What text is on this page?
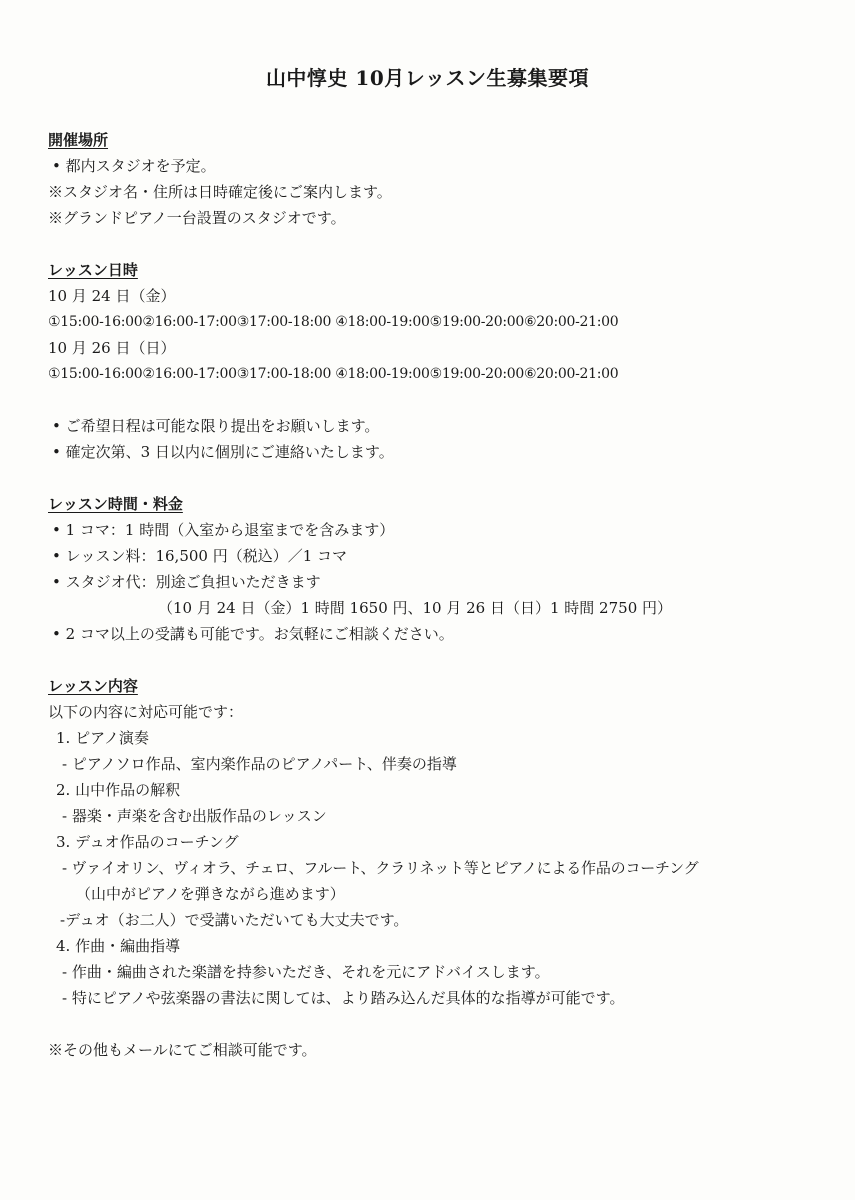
山中惇史 10月レッスン生募集要項
開催場所
• 都内スタジオを予定。
※スタジオ名・住所は日時確定後にご案内します。
※グランドピアノ一台設置のスタジオです。
レッスン日時
10 月 24 日（金）
①15:00-16:00②16:00-17:00③17:00-18:00 ④18:00-19:00⑤19:00-20:00⑥20:00-21:00
10 月 26 日（日）
①15:00-16:00②16:00-17:00③17:00-18:00 ④18:00-19:00⑤19:00-20:00⑥20:00-21:00
• ご希望日程は可能な限り提出をお願いします。
• 確定次第、3 日以内に個別にご連絡いたします。
レッスン時間・料金
• 1 コマ：1 時間（入室から退室までを含みます）
• レッスン料：16,500 円（税込）／1 コマ
• スタジオ代：別途ご負担いただきます
（10 月 24 日（金）1 時間 1650 円、10 月 26 日（日）1 時間 2750 円）
• 2 コマ以上の受講も可能です。お気軽にご相談ください。
レッスン内容
以下の内容に対応可能です：
1. ピアノ演奏
- ピアノソロ作品、室内楽作品のピアノパート、伴奏の指導
2. 山中作品の解釈
- 器楽・声楽を含む出版作品のレッスン
3. デュオ作品のコーチング
- ヴァイオリン、ヴィオラ、チェロ、フルート、クラリネット等とピアノによる作品のコーチング
（山中がピアノを弾きながら進めます）
-デュオ（お二人）で受講いただいても大丈夫です。
4. 作曲・編曲指導
- 作曲・編曲された楽譜を持参いただき、それを元にアドバイスします。
- 特にピアノや弦楽器の書法に関しては、より踏み込んだ具体的な指導が可能です。
※その他もメールにてご相談可能です。
